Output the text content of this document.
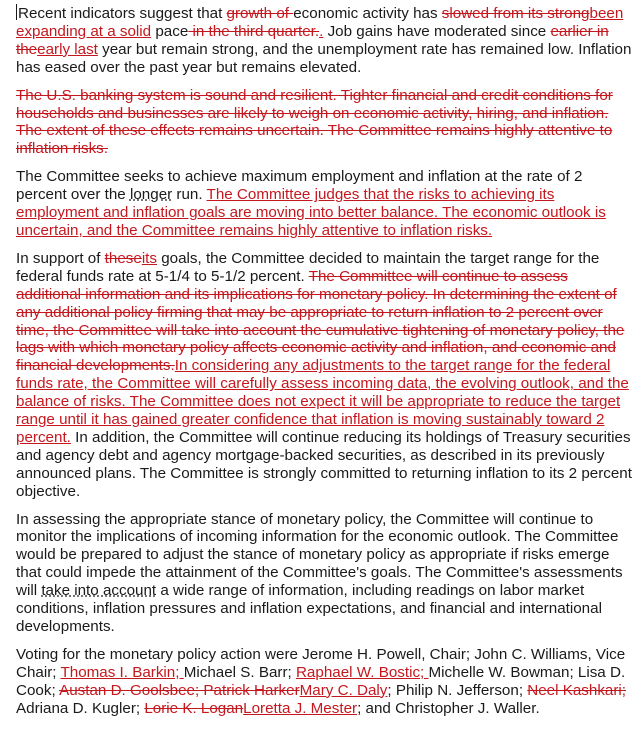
Recent indicators suggest that growth of economic activity has slowed from its strongbeen expanding at a solid pace in the third quarter.. Job gains have moderated since earlier in theearly last year but remain strong, and the unemployment rate has remained low. Inflation has eased over the past year but remains elevated.

The U.S. banking system is sound and resilient. Tighter financial and credit conditions for households and businesses are likely to weigh on economic activity, hiring, and inflation. The extent of these effects remains uncertain. The Committee remains highly attentive to inflation risks.

The Committee seeks to achieve maximum employment and inflation at the rate of 2 percent over the longer run. The Committee judges that the risks to achieving its employment and inflation goals are moving into better balance. The economic outlook is uncertain, and the Committee remains highly attentive to inflation risks.

In support of theseits goals, the Committee decided to maintain the target range for the federal funds rate at 5-1/4 to 5-1/2 percent. The Committee will continue to assess additional information and its implications for monetary policy. In determining the extent of any additional policy firming that may be appropriate to return inflation to 2 percent over time, the Committee will take into account the cumulative tightening of monetary policy, the lags with which monetary policy affects economic activity and inflation, and economic and financial developments.In considering any adjustments to the target range for the federal funds rate, the Committee will carefully assess incoming data, the evolving outlook, and the balance of risks. The Committee does not expect it will be appropriate to reduce the target range until it has gained greater confidence that inflation is moving sustainably toward 2 percent. In addition, the Committee will continue reducing its holdings of Treasury securities and agency debt and agency mortgage-backed securities, as described in its previously announced plans. The Committee is strongly committed to returning inflation to its 2 percent objective.

In assessing the appropriate stance of monetary policy, the Committee will continue to monitor the implications of incoming information for the economic outlook. The Committee would be prepared to adjust the stance of monetary policy as appropriate if risks emerge that could impede the attainment of the Committee's goals. The Committee's assessments will take into account a wide range of information, including readings on labor market conditions, inflation pressures and inflation expectations, and financial and international developments.

Voting for the monetary policy action were Jerome H. Powell, Chair; John C. Williams, Vice Chair; Thomas I. Barkin; Michael S. Barr; Raphael W. Bostic; Michelle W. Bowman; Lisa D. Cook; Austan D. Goolsbee; Patrick HarkerMary C. Daly; Philip N. Jefferson; Neel Kashkari; Adriana D. Kugler; Lorie K. LoganLoretta J. Mester; and Christopher J. Waller.
